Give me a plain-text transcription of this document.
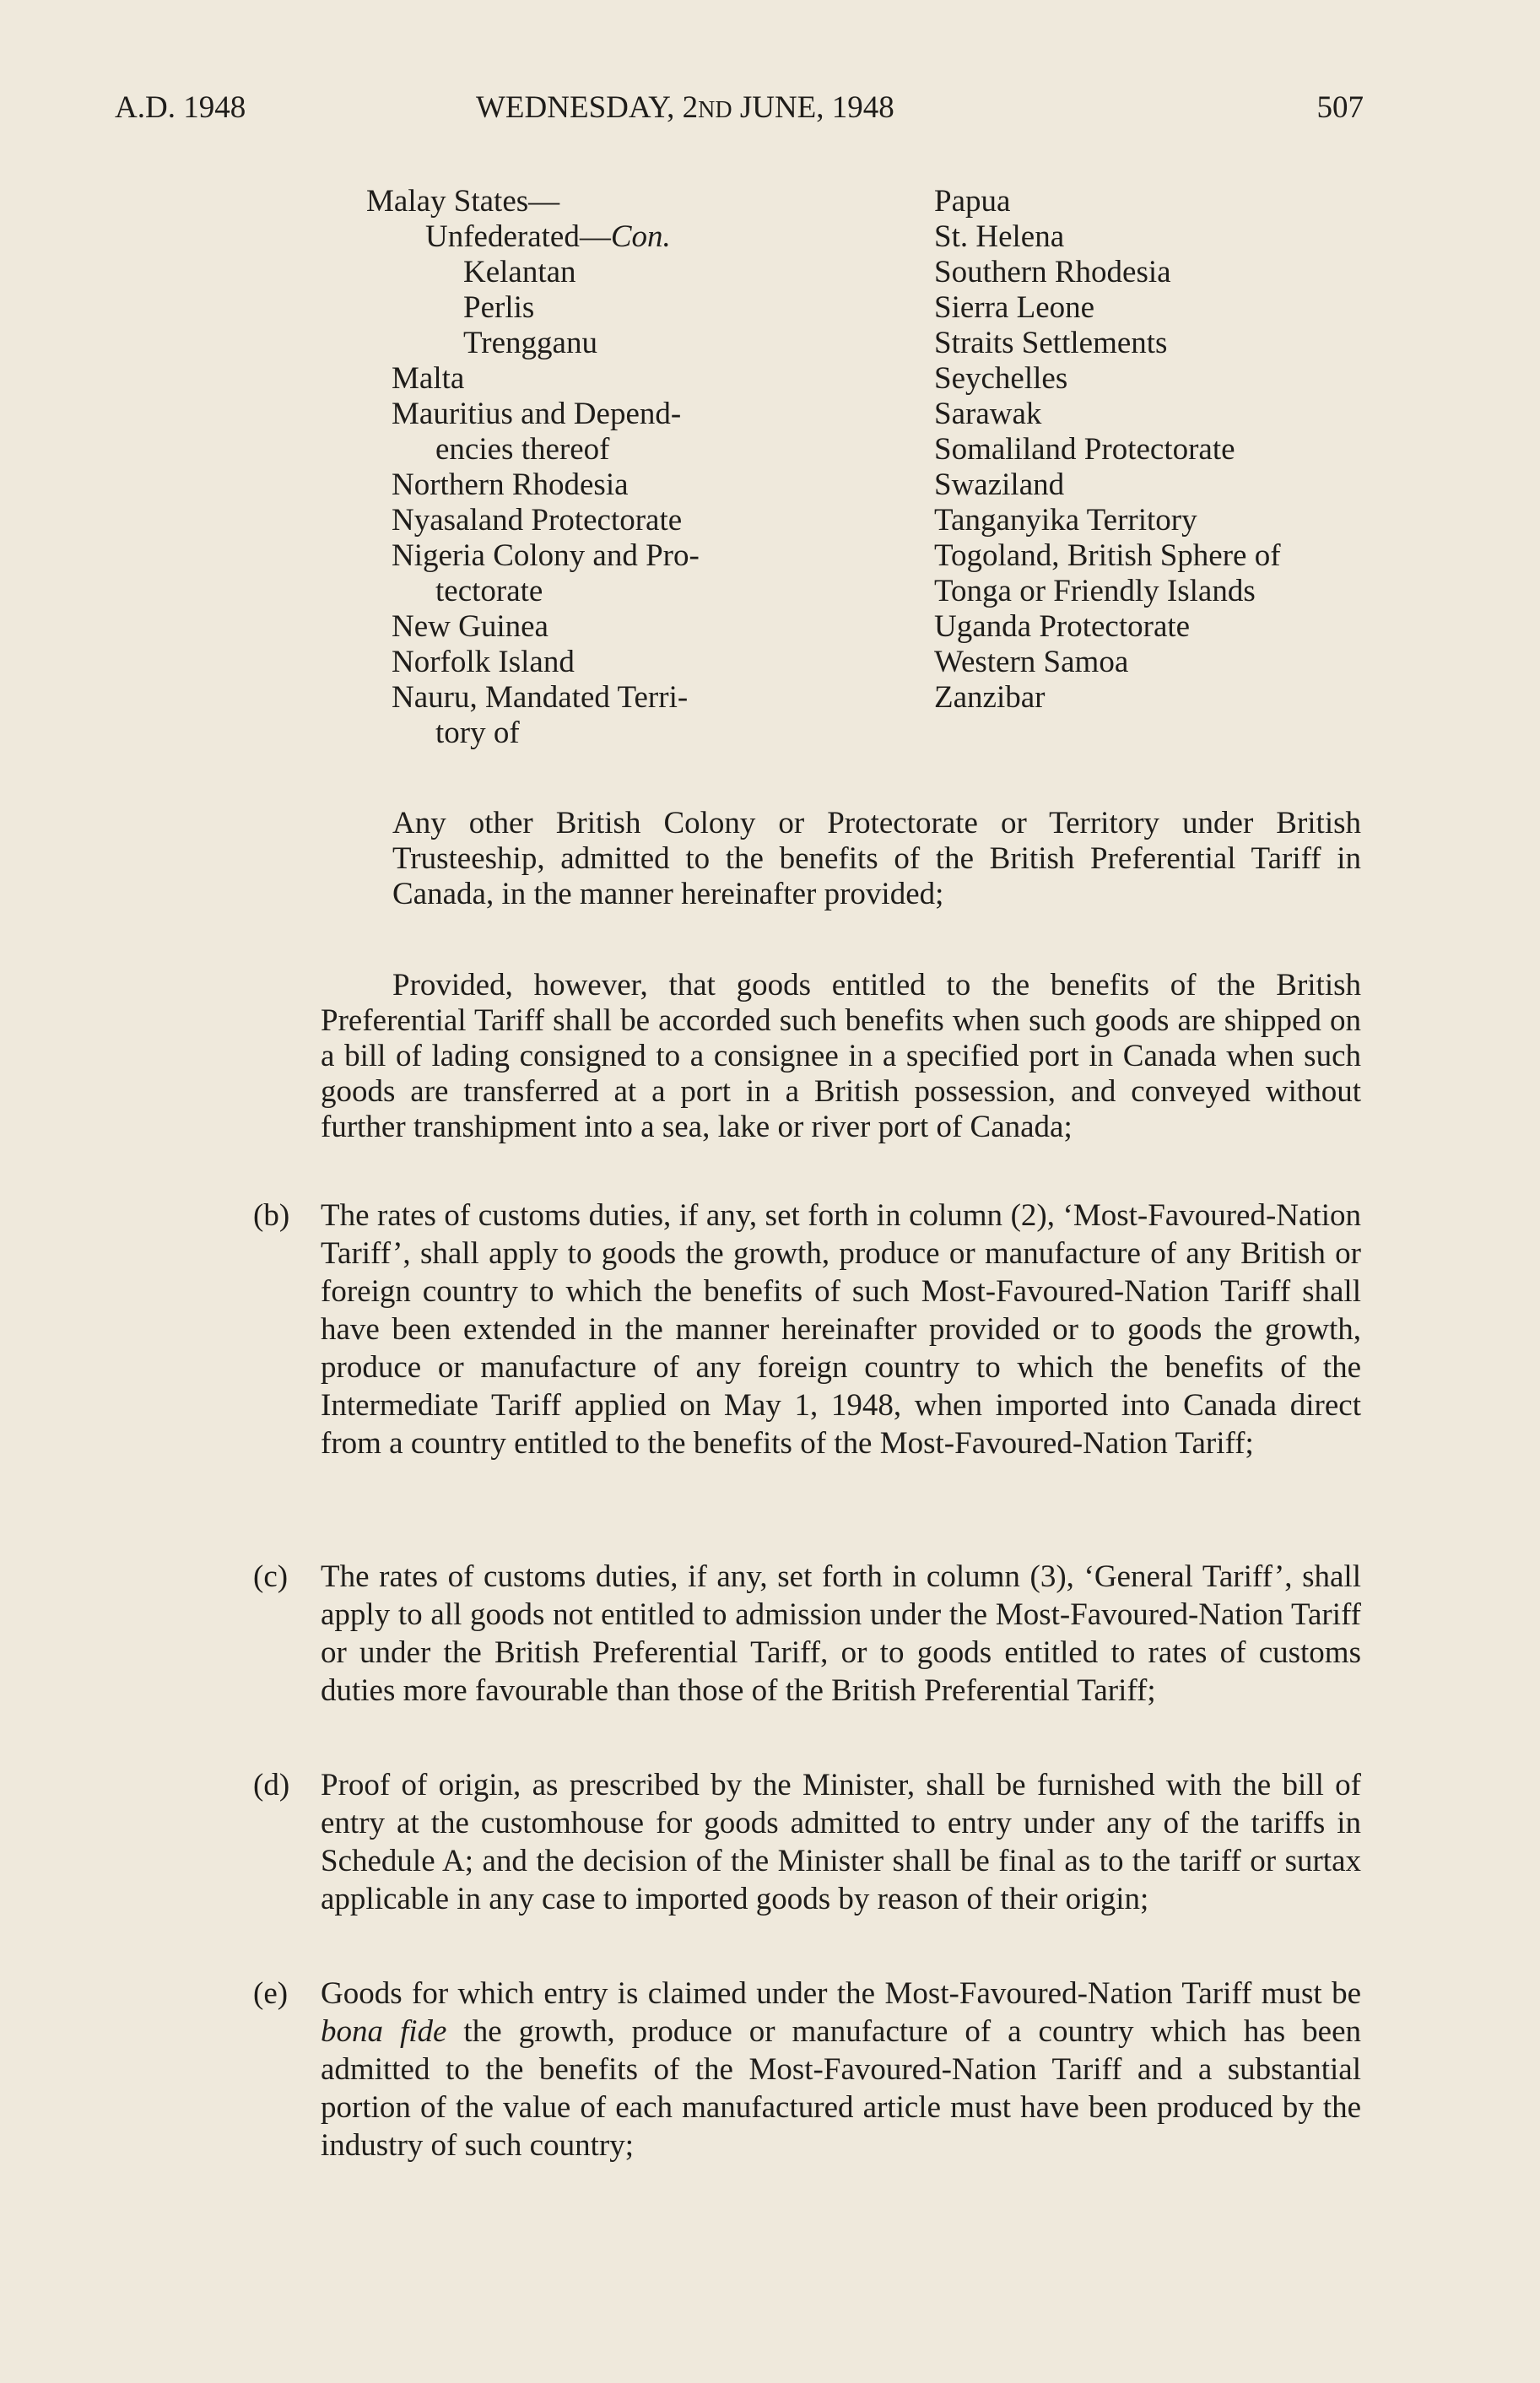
A.D. 1948	WEDNESDAY, 2ND JUNE, 1948	507
Malay States—
Unfederated—Con.
Kelantan
Perlis
Trengganu
Malta
Mauritius and Depend-
encies thereof
Northern Rhodesia
Nyasaland Protectorate
Nigeria Colony and Pro-
tectorate
New Guinea
Norfolk Island
Nauru, Mandated Terri-
tory of
Papua
St. Helena
Southern Rhodesia
Sierra Leone
Straits Settlements
Seychelles
Sarawak
Somaliland Protectorate
Swaziland
Tanganyika Territory
Togoland, British Sphere of
Tonga or Friendly Islands
Uganda Protectorate
Western Samoa
Zanzibar
Any other British Colony or Protectorate or Territory under British Trusteeship, admitted to the benefits of the British Preferential Tariff in Canada, in the manner hereinafter provided;
Provided, however, that goods entitled to the benefits of the British Preferential Tariff shall be accorded such benefits when such goods are shipped on a bill of lading consigned to a consignee in a specified port in Canada when such goods are transferred at a port in a British possession, and conveyed without further transhipment into a sea, lake or river port of Canada;
(b) The rates of customs duties, if any, set forth in column (2), ‘Most-Favoured-Nation Tariff’, shall apply to goods the growth, produce or manufacture of any British or foreign country to which the benefits of such Most-Favoured-Nation Tariff shall have been extended in the manner hereinafter provided or to goods the growth, produce or manufacture of any foreign country to which the benefits of the Intermediate Tariff applied on May 1, 1948, when imported into Canada direct from a country entitled to the benefits of the Most-Favoured-Nation Tariff;
(c)	The rates of customs duties, if any, set forth in column (3), ‘General Tariff’, shall apply to all goods not entitled to admission under the Most-Favoured-Nation Tariff or under the British Preferential Tariff, or to goods entitled to rates of customs duties more favourable than those of the British Preferential Tariff;
(d) Proof of origin, as prescribed by the Minister, shall be furnished with the bill of entry at the customhouse for goods admitted to entry under any of the tariffs in Schedule A; and the decision of the Minister shall be final as to the tariff or surtax applicable in any case to imported goods by reason of their origin;
(e)	Goods for which entry is claimed under the Most-Favoured-Nation Tariff must be bona fide the growth, produce or manufacture of a country which has been admitted to the benefits of the Most-Favoured-Nation Tariff and a substantial portion of the value of each manufactured article must have been produced by the industry of such country;
